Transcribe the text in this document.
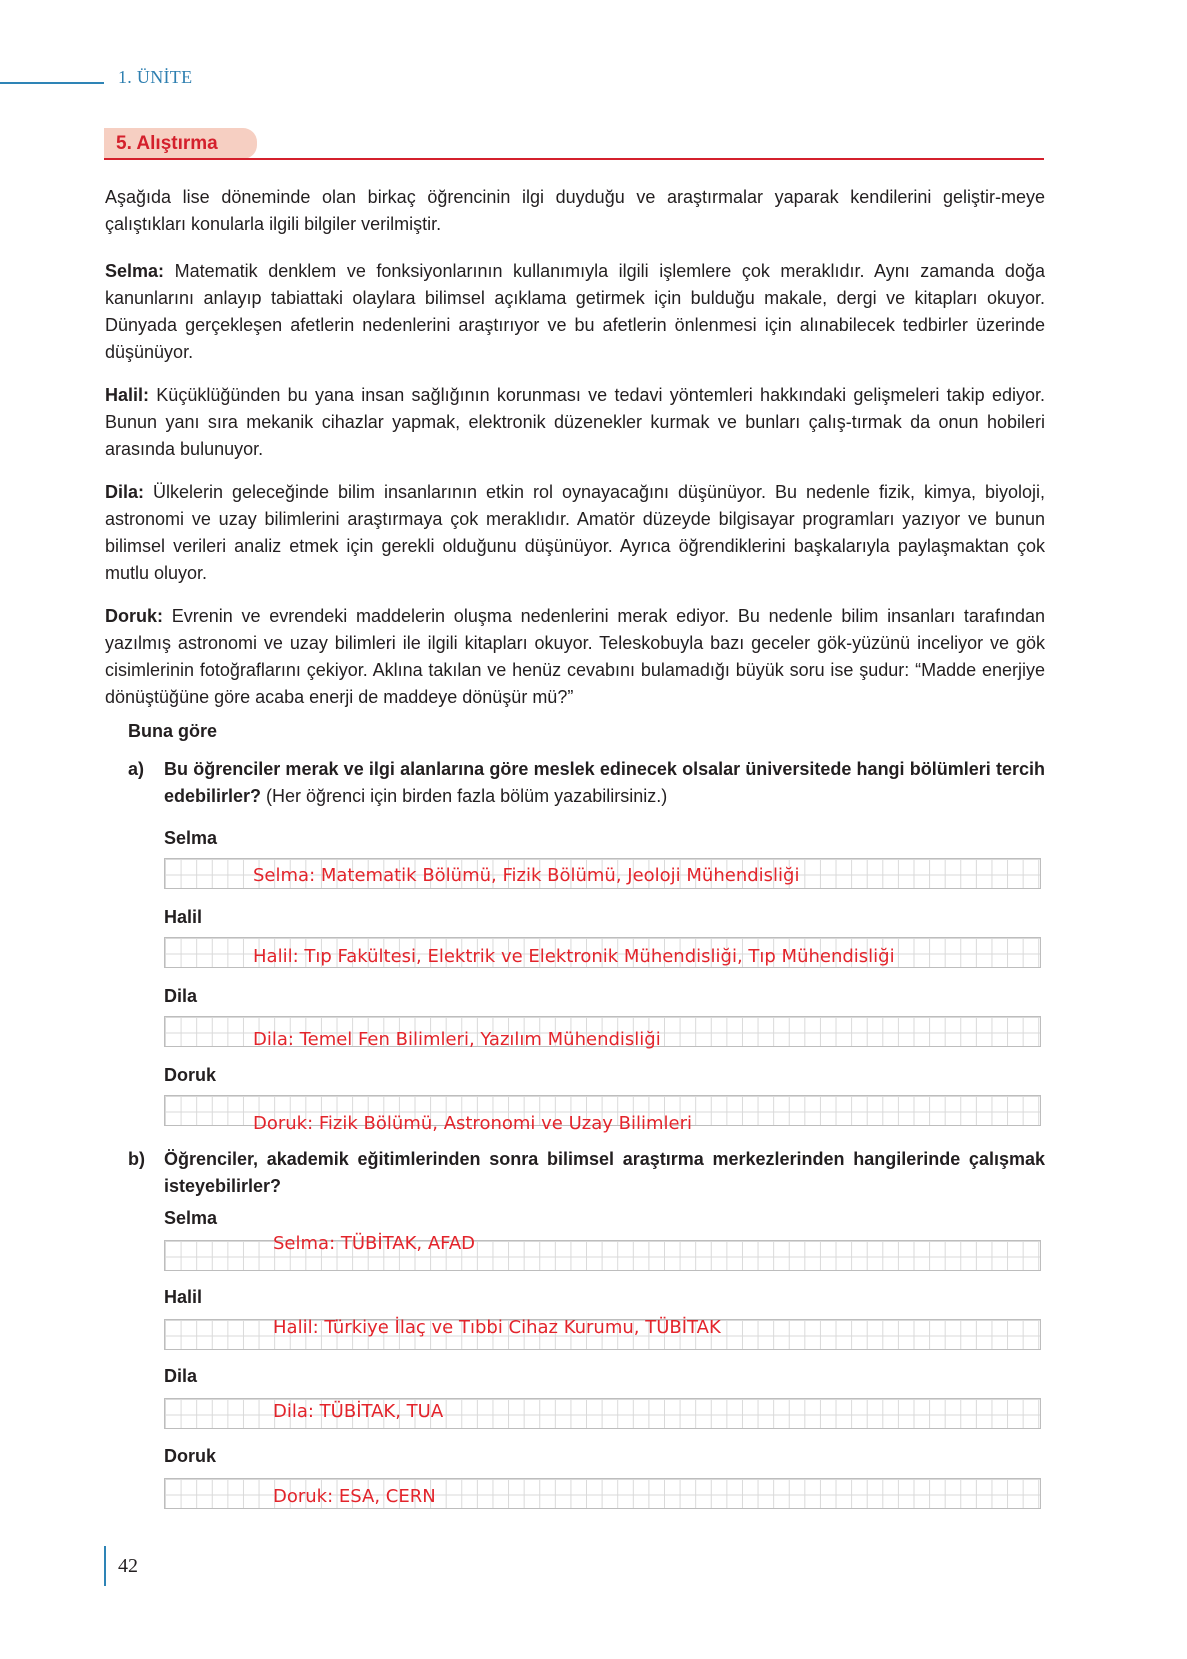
1. ÜNİTE
5. Alıştırma

Aşağıda lise döneminde olan birkaç öğrencinin ilgi duyduğu ve araştırmalar yaparak kendilerini geliştir-meye çalıştıkları konularla ilgili bilgiler verilmiştir.

Selma: Matematik denklem ve fonksiyonlarının kullanımıyla ilgili işlemlere çok meraklıdır. Aynı zamanda doğa kanunlarını anlayıp tabiattaki olaylara bilimsel açıklama getirmek için bulduğu makale, dergi ve kitapları okuyor. Dünyada gerçekleşen afetlerin nedenlerini araştırıyor ve bu afetlerin önlenmesi için alınabilecek tedbirler üzerinde düşünüyor.

Halil: Küçüklüğünden bu yana insan sağlığının korunması ve tedavi yöntemleri hakkındaki gelişmeleri takip ediyor. Bunun yanı sıra mekanik cihazlar yapmak, elektronik düzenekler kurmak ve bunları çalış-tırmak da onun hobileri arasında bulunuyor.

Dila: Ülkelerin geleceğinde bilim insanlarının etkin rol oynayacağını düşünüyor. Bu nedenle fizik, kimya, biyoloji, astronomi ve uzay bilimlerini araştırmaya çok meraklıdır. Amatör düzeyde bilgisayar programları yazıyor ve bunun bilimsel verileri analiz etmek için gerekli olduğunu düşünüyor. Ayrıca öğrendiklerini başkalarıyla paylaşmaktan çok mutlu oluyor.

Doruk: Evrenin ve evrendeki maddelerin oluşma nedenlerini merak ediyor. Bu nedenle bilim insanları tarafından yazılmış astronomi ve uzay bilimleri ile ilgili kitapları okuyor. Teleskobuyla bazı geceler gök-yüzünü inceliyor ve gök cisimlerinin fotoğraflarını çekiyor. Aklına takılan ve henüz cevabını bulamadığı büyük soru ise şudur: “Madde enerjiye dönüştüğüne göre acaba enerji de maddeye dönüşür mü?”

Buna göre
a) Bu öğrenciler merak ve ilgi alanlarına göre meslek edinecek olsalar üniversitede hangi bölümleri tercih edebilirler? (Her öğrenci için birden fazla bölüm yazabilirsiniz.)

Selma
Selma: Matematik Bölümü, Fizik Bölümü, Jeoloji Mühendisliği
Halil
Halil: Tıp Fakültesi, Elektrik ve Elektronik Mühendisliği, Tıp Mühendisliği
Dila
Dila: Temel Fen Bilimleri, Yazılım Mühendisliği
Doruk
Doruk: Fizik Bölümü, Astronomi ve Uzay Bilimleri
b) Öğrenciler, akademik eğitimlerinden sonra bilimsel araştırma merkezlerinden hangilerinde çalışmak isteyebilirler?

Selma
Selma: TÜBİTAK, AFAD
Halil
Halil: Türkiye İlaç ve Tıbbi Cihaz Kurumu, TÜBİTAK
Dila
Dila: TÜBİTAK, TUA
Doruk
Doruk: ESA, CERN
42
